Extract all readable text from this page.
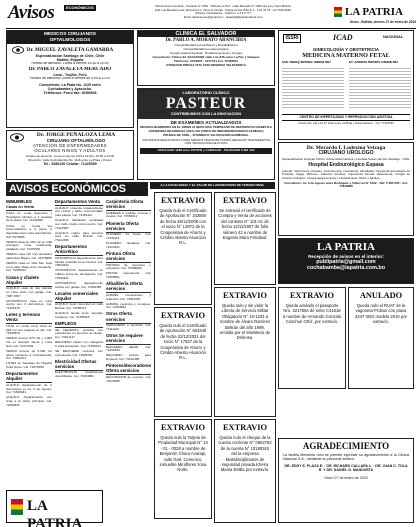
Avisos	ECONÓMICOS	Oficina Oruro (Central) · Contacto N° 1552 · Oficinas La Paz · Calle Mercado N° 1525 casi esq. Colón Bolívar
Edif. Las Mendes Local, Mezzanine 1, Oruro & Cerelia · Telefonos Fax (591 2) 2 - 2 61 36 76 · Cel 7626 0930
Oficinas Cochabamba · Teléfono: 4 4 4 9 777
Email: lapatriaoruro@gmail.com · lapatria@lapatriaenlinea.com	LA PATRIA
Oruro - Bolivia, viernes 27 de enero de 2023
MÉDICOS CIRUJANOS
OFTALMÓLOGOS
Dr. MIGUEL ZAVALETA GAMARRA
Especialización Santiago de Chile, Chile
Madrid, España
Horario de atención: Lunes a viernes 14:30 a 20:00
Dr. PABLO ZAVALETA MERCADO
Lima - Trujillo, Perú
Horario de atención: Lunes a viernes de 9:00 a 12:00
Consultorio: La Plata No. 1220 entre
Cochabamba y Ayacucho.
Teléfonos: Fono fax: 5250668
CLÍNICA EL SALVADOR
Dr. PABLO A. MORATO ARANCIBIA
Cirugía Bariátrica (Lap-Band) y Rehabilitación
Cirugía Bariátrica Laparoscópica
Cirugía Gastrointestinal · Pediatría general y Cirugía
Consultorio: Clínica EL SALVADOR calle Lira 846 entre La Paz y Vázquez
Teléfonos: 5254878 · 5271741 Cel. 72408811
ATENCIÓN PREVIA CITA CON RESERVA TELEFÓNICA
LABORATORIO CLÍNICO
PASTEUR
CONTRIBUIMOS CON LA INNOVACIÓN
DE EXÁMENES ACTUALIZADOS
MICROALBUMINURIA EN EL RIÑÓN CLÍNICO MÁS TEMPRANO DE NEFROPATÍA DIABÉTICA
ADENOSINA DEAMINASA (ADA) VIH (VIRUS DE INMUNODEFICIENCIA HUMANA)
PRUEBA DE VDRL - VITAMINA D VALORACIÓN HORMONAL
CON ESTOS RESULTADOS COMO MÉDICO TRATANTE PODRÁ REALIZAR TRATAMIENTOS CON TECNOLOGÍA DE PUNTA
AYACUCHO 1228 entre POTOSÍ y CAMACHO · TELÉFONO 5 281 120
Dr. JORGE PEÑALOZA LEMA
CIRUJANO OFTALMÓLOGO
ATENCIÓN DE ENFERMEDADES
OCULARES NIÑOS Y ADULTOS
Horario de atención: Lunes a viernes 9:00 a 12:00 y 15:00 a 19:00
Dirección: Calle Cochabamba No. 1116 entre La Plata y Potosí
Tel.: 5280130 Celular: 71425390
ISSRI	ICAD	NACIONAL
GINECOLOGÍA Y OBSTETRICIA
MEDICINA MATERNO FETAL
Dra. Nancy Benítez Gauna MD	Dr. Antonio Benítez Gauna MD
CENTRO DE INFERTILIDAD Y REPRODUCCIÓN ASISTIDA
Clínica Sur Cal. Lira N° 1211 entre La Plata y Soria Galvarro · Cel: 77144533
Dr. Merardo I. Lodezma Veizaga
CIRUJANO UROLOGO
Especialización Hospital Clínico Universidad Católica y Hospital Sotero del Río Santiago - Chile
Hospital Endourológico Espasa
Atiende: Infecciones urinarias, Incontinencia, Impotencia, Infertilidad, Cirugía Endourológica de Próstata, Vejiga, Riñones, Cálculos urinarios, Impotencia Sexual, Vasectomía, Cirugía de Cáncer Urológico, Cirugía laparoscópica y Litotricia laser. Niños y adultos.
Consultorio: Av. 6 de Agosto entre Rodríguez y Villarroel N° 1222 · Telf: 5 285 656 · Cel: 71846888
LA PATRIA
Recepción de avisos en el interior:
publipatria@gmail.com
cochabamba@lapatria.com.bo
AVISOS ECONÓMICOS	A LA EXCELENCIA Y EL VALOR DE LABORATORIO DE TERCER NIVEL
INMUEBLES
Casas en Venta

CASA en venta Ayacucho y Presidente Montes a 3 cuadras de la plaza. Cel. 71232908

CASA en Venta Vía Circunvalación a 2 pisos, 6 departamentos vista panorámica. Telf. 5274985

VENDO casa de 300 m2 en Villa Aramayo, zona residencial, asfaltado. Cel. 72476551

VENDO casa (20 m2) alrededor plaza San Miguel. Cel. 72475885

VENDO casa en Villa San José en la calle Tarija entre Camacho. Cel. 73785212

Casas y chalets Alquiler

ALQUILO casa de dos plantas en zona norte con garaje. Cel. 7387 4567

ANTICRÉTICO casa en zona centro con 3 dormitorios. Cel. 71125478

Lotes y terrenos Venta

LOTE en venta zona Vinto de 300 m2 con papeles al día. Cel. 71543870

VENDO terreno 970 m2 y 1.050 m2 en Avenida Tacna y zona Sud. Cel. 72474491

VENDO terreno de 5.000 m2 sobre carretera a Cochabamba. Cel. 73564121

LOTES en Santiago de Huayña Colla Oruro. Cel. 71874558

Departamentos Alquiler

ALQUILO departamento de 2 dormitorios en Av. 6 de Agosto. Cel. 71526641

ALQUILO departamento con vista a la plaza principal. Cel. 72498431

Departamentos Venta

ALQUILO vivienda independiente con cocina y baño, recomendado para pareja. Cel. 72452111

ALQUILO habitación amoblada con baño propio zona centro. Cel. 72412587

ALQUILO cuarto para persona sola en calle Bolívar. Cel. 73212365

Departamentos Anticrético

ANTICRÉTICO departamento para familia reducida zona Central. Cel. 73815432

ANTICRÉTICO departamento en edificio sobre Av. del Ejército. Cel. 71564421

ANTICRÉTICO departamento amplio con garaje. Cel. 72334455

Locales comerciales Alquiler

ALQUILO local comercial en calle Bolívar. Cel. 73258413

ALQUILO tienda zona mercado Campero. Cel. 72455118

EMPLEOS

SE NECESITA señorita con experiencia en atención al cliente. Cel. 73221147

REQUIERO chofer con categoría C para transporte. Cel. 71455221

SE REQUIERE cocinera con experiencia. Cel. 72588761

Electricidad Ofertas servicios

ELECTRICISTA instalaciones domiciliarias. Cel. 71254881

Carpintería Oferta servicios

MUEBLES a medida, cocinas y closets. Cel. 72558412

Plomería Oferta servicios

PLOMERO 24 horas. Cel. 71231114

PLOMERO destapes. Cel. 72123321

Pintura Oferta servicios

PINTURA de interiores y exteriores. Cel. 72558890

PINTOR experiencia. Cel. 71558821

Albañilería Oferta servicios

ALBAÑIL construcción y refacción. Cel. 73541287

ALBAÑIL cerámica y revoques. Cel. 72254661

Otros Oferta servicios

CERRAJERO a domicilio. Cel. 71111222

Otros Se requiere servicios

REQUIERO albañil. Cel. 71234543

REQUIERO señora para limpieza. Cel. 73212458

Pintores/decoradores Oferta servicios

DECORADOR de eventos. Cel. 73215555

EXTRAVIO
Queda nulo el Certificado de Aportación N° 343800 de fecha 26/12/2008 con el socio N° 12872 de la Cooperativa de Ahorro y Crédito Abierta Asunción R.L.
EXTRAVIO
Queda nulo el Certificado de Aportación N° 563348 de fecha 02/12/2021 del socio N° 17527 de la Cooperativa de Ahorro y Crédito Abierta Asunción R.L.
EXTRAVIO
Queda nulo la Tarjeta de Propiedad Municipal N° 13 - 01 - 0028 a nombre de Benjamín Chura Acarapi, calle Gral. Cemerico, inmueble Miraflores zona Norte.
EXTRAVIO
Queda nulo el cheque de la cuenta corriente N° 0902762 de la cuenta N° 10180910 del la empresa Multidisciplinarios de seguridad privada Kheira Marsa EMBL por extravío.
EXTRAVIO
Queda nulo y sin valor la Libreta de Servicio Militar Obligatorio N° 19-1234 a nombre de Álvaro Ramírez Beltrán del año 1999, emitida por el Ministerio de Defensa.
EXTRAVIO
Queda anulado el pasaporte Nro. 4217584 de serie C41518 a nombre de Armando Gonzalo Cuschuri Ortíz, por extravío.
EXTRAVIO
Se extravió el certificado de Compra y Venta de acciones del contrato N° 101-01 de fecha 12/11/2007 de folio número 42 a nombre de Eugenio Mara Felcidad.
ANULADO
Queda nulo el RUAT de la vagoneta Probox con placa 3447 XBG modelo 2010 por extravío.
AGRADECIMIENTO
La familia Mendieta Urra se permite expresar su agradecimiento a la Clínica Nacional S.A., mediante su personal médico:
DR. EDDY E. PLAZA E. · DR. RICHARD CALLAPA L. · DR. JUAN C. TOLA R. Y DR. DANIEL G. MANDUSTA
Oruro 27 de enero de 2023
LA PATRIA
